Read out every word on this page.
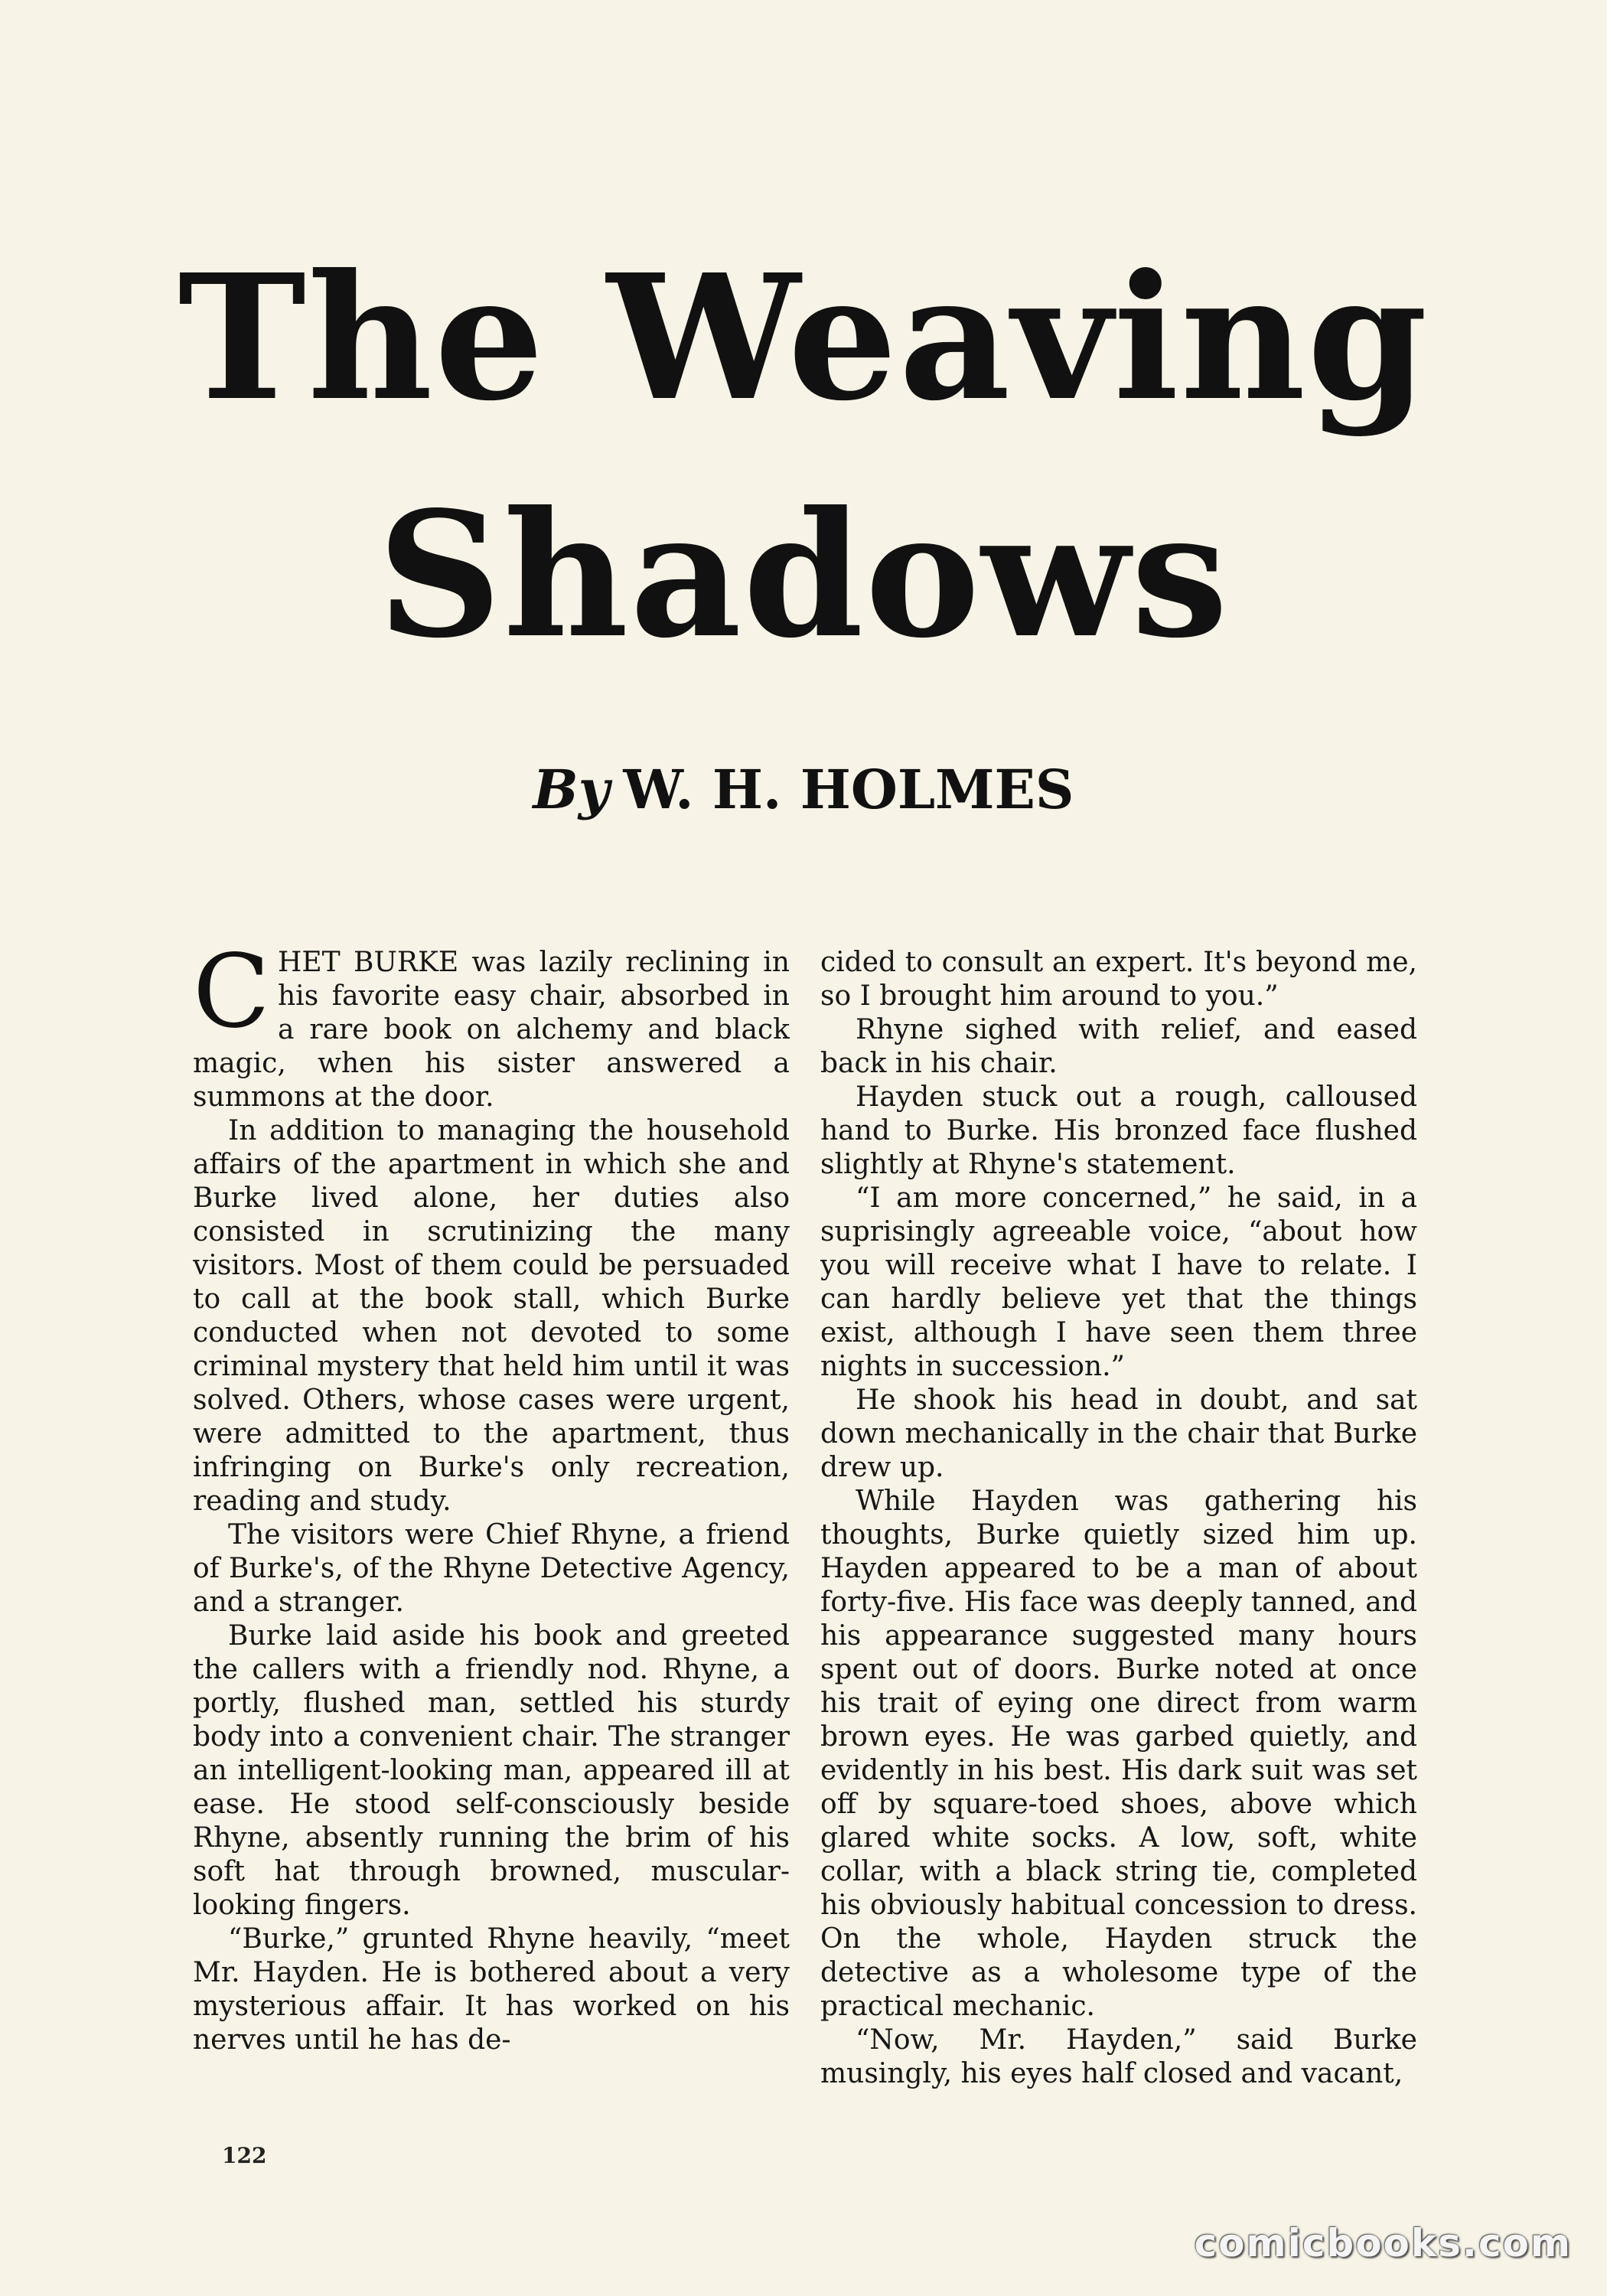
The Weaving
Shadows
By W. H. HOLMES

CHET BURKE was lazily reclining in his favorite easy chair, absorbed in a rare book on alchemy and black magic, when his sister answered a summons at the door.

In addition to managing the household affairs of the apartment in which she and Burke lived alone, her duties also consisted in scrutinizing the many visitors. Most of them could be persuaded to call at the book stall, which Burke conducted when not devoted to some criminal mystery that held him until it was solved. Others, whose cases were urgent, were admitted to the apartment, thus infringing on Burke's only recreation, reading and study.

The visitors were Chief Rhyne, a friend of Burke's, of the Rhyne Detective Agency, and a stranger.

Burke laid aside his book and greeted the callers with a friendly nod. Rhyne, a portly, flushed man, settled his sturdy body into a convenient chair. The stranger an intelligent-looking man, appeared ill at ease. He stood self-consciously beside Rhyne, absently running the brim of his soft hat through browned, muscular-looking fingers.

“Burke,” grunted Rhyne heavily, “meet Mr. Hayden. He is bothered about a very mysterious affair. It has worked on his nerves until he has de-

cided to consult an expert. It's beyond me, so I brought him around to you.”

Rhyne sighed with relief, and eased back in his chair.

Hayden stuck out a rough, calloused hand to Burke. His bronzed face flushed slightly at Rhyne's statement.

“I am more concerned,” he said, in a suprisingly agreeable voice, “about how you will receive what I have to relate. I can hardly believe yet that the things exist, although I have seen them three nights in succession.”

He shook his head in doubt, and sat down mechanically in the chair that Burke drew up.

While Hayden was gathering his thoughts, Burke quietly sized him up. Hayden appeared to be a man of about forty-five. His face was deeply tanned, and his appearance suggested many hours spent out of doors. Burke noted at once his trait of eying one direct from warm brown eyes. He was garbed quietly, and evidently in his best. His dark suit was set off by square-toed shoes, above which glared white socks. A low, soft, white collar, with a black string tie, completed his obviously habitual concession to dress. On the whole, Hayden struck the detective as a wholesome type of the practical mechanic.

“Now, Mr. Hayden,” said Burke musingly, his eyes half closed and vacant,

122
comicbooks.com
